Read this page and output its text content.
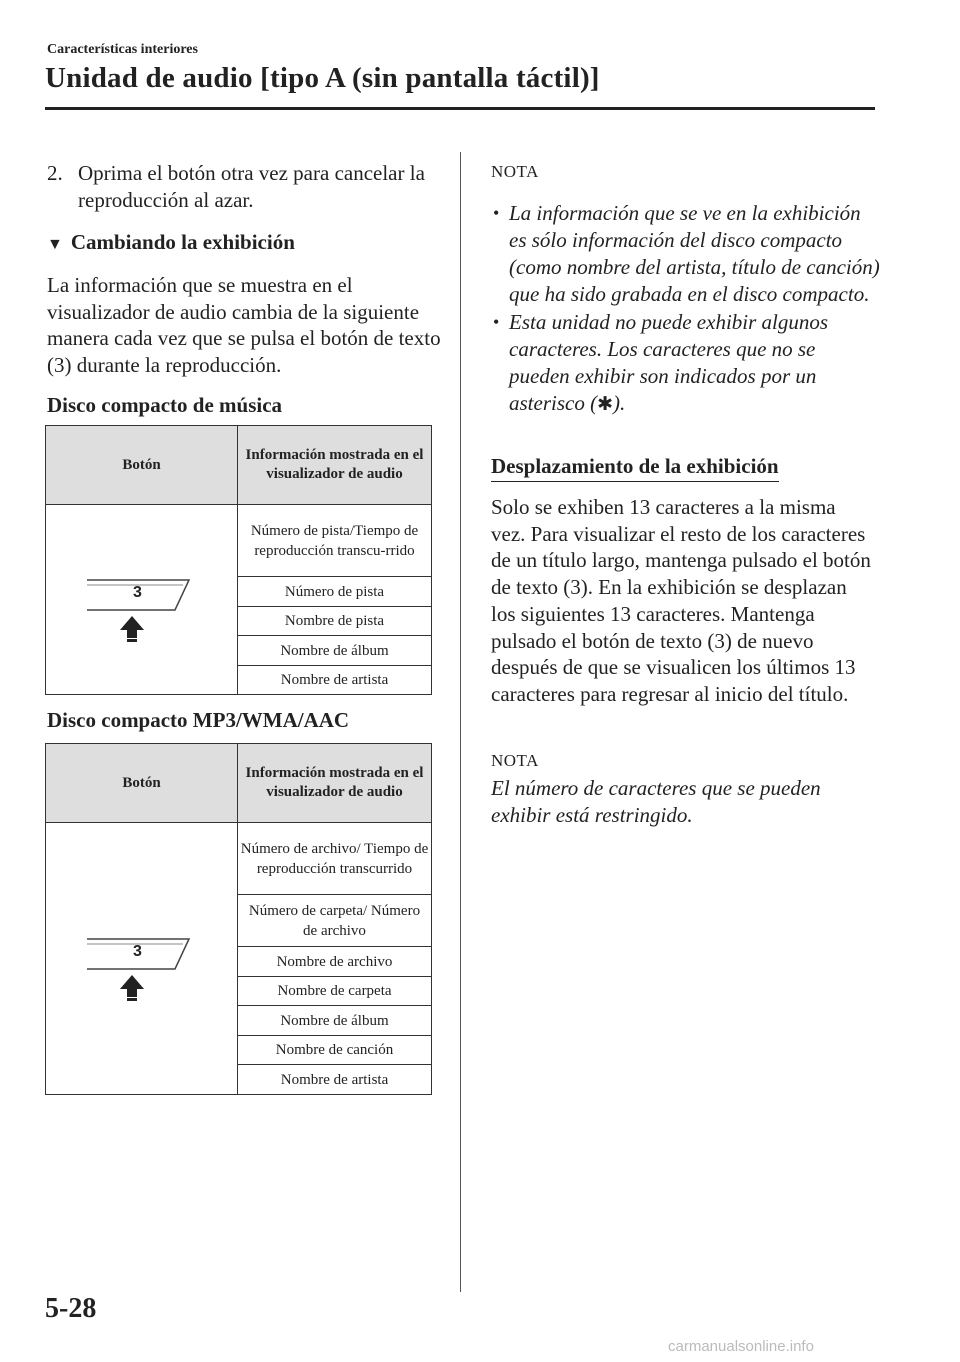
Características interiores
Unidad de audio [tipo A (sin pantalla táctil)]
2. Oprima el botón otra vez para cancelar la reproducción al azar.
▼ Cambiando la exhibición
La información que se muestra en el visualizador de audio cambia de la siguiente manera cada vez que se pulsa el botón de texto (3) durante la reproducción.
Disco compacto de música
Botón	Información mostrada en el visualizador de audio

3	Número de pista/Tiempo de reproducción transcu-rrido
	Número de pista
	Nombre de pista
	Nombre de álbum
	Nombre de artista
Disco compacto MP3/WMA/AAC
Botón	Información mostrada en el visualizador de audio

3	Número de archivo/ Tiempo de reproducción transcurrido
	Número de carpeta/ Número de archivo
	Nombre de archivo
	Nombre de carpeta
	Nombre de álbum
	Nombre de canción
	Nombre de artista
NOTA
• La información que se ve en la exhibición es sólo información del disco compacto (como nombre del artista, título de canción) que ha sido grabada en el disco compacto.
• Esta unidad no puede exhibir algunos caracteres. Los caracteres que no se pueden exhibir son indicados por un asterisco (✱).
Desplazamiento de la exhibición
Solo se exhiben 13 caracteres a la misma vez. Para visualizar el resto de los caracteres de un título largo, mantenga pulsado el botón de texto (3). En la exhibición se desplazan los siguientes 13 caracteres. Mantenga pulsado el botón de texto (3) de nuevo después de que se visualicen los últimos 13 caracteres para regresar al inicio del título.
NOTA
El número de caracteres que se pueden exhibir está restringido.
5-28
carmanualsonline.info
